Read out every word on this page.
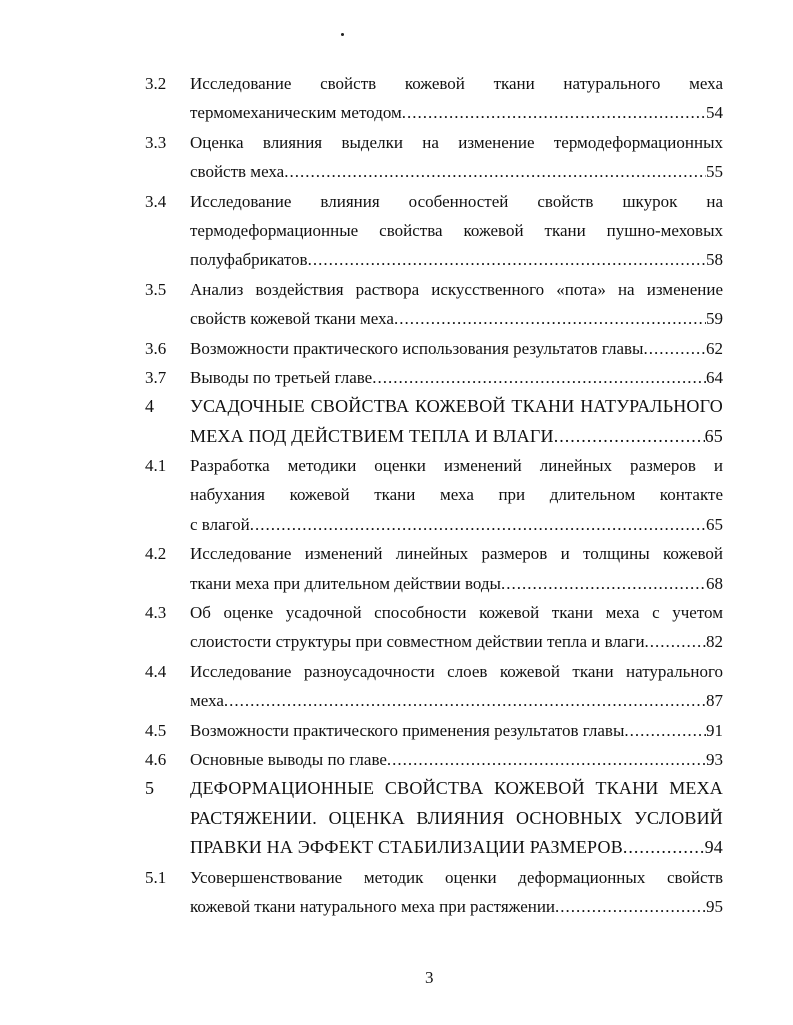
3.2 Исследование свойств кожевой ткани натурального меха
термомеханическим методом .....	54
3.3 Оценка влияния выделки на изменение термодеформационных
свойств меха .....	55
3.4 Исследование влияния особенностей свойств шкурок на
термодеформационные свойства кожевой ткани пушно-меховых
полуфабрикатов .....	58
3.5 Анализ воздействия раствора искусственного «пота» на изменение
свойств кожевой ткани меха .....	59
3.6 Возможности практического использования результатов главы .....	62
3.7 Выводы по третьей главе .....	64
4 УСАДОЧНЫЕ СВОЙСТВА КОЖЕВОЙ ТКАНИ НАТУРАЛЬНОГО
МЕХА ПОД ДЕЙСТВИЕМ ТЕПЛА И ВЛАГИ .....	65
4.1 Разработка методики оценки изменений линейных размеров и
набухания кожевой ткани меха при длительном контакте
с влагой .....	65
4.2 Исследование изменений линейных размеров и толщины кожевой
ткани меха при длительном действии воды .....	68
4.3 Об оценке усадочной способности кожевой ткани меха с учетом
слоистости структуры при совместном действии тепла и влаги .....	82
4.4 Исследование разноусадочности слоев кожевой ткани натурального
меха .....	87
4.5 Возможности практического применения результатов главы .....	91
4.6 Основные выводы по главе .....	93
5 ДЕФОРМАЦИОННЫЕ СВОЙСТВА КОЖЕВОЙ ТКАНИ МЕХА
РАСТЯЖЕНИИ. ОЦЕНКА ВЛИЯНИЯ ОСНОВНЫХ УСЛОВИЙ
ПРАВКИ НА ЭФФЕКТ СТАБИЛИЗАЦИИ РАЗМЕРОВ .....	94
5.1 Усовершенствование методик оценки деформационных свойств
кожевой ткани натурального меха при растяжении .....	95
3
